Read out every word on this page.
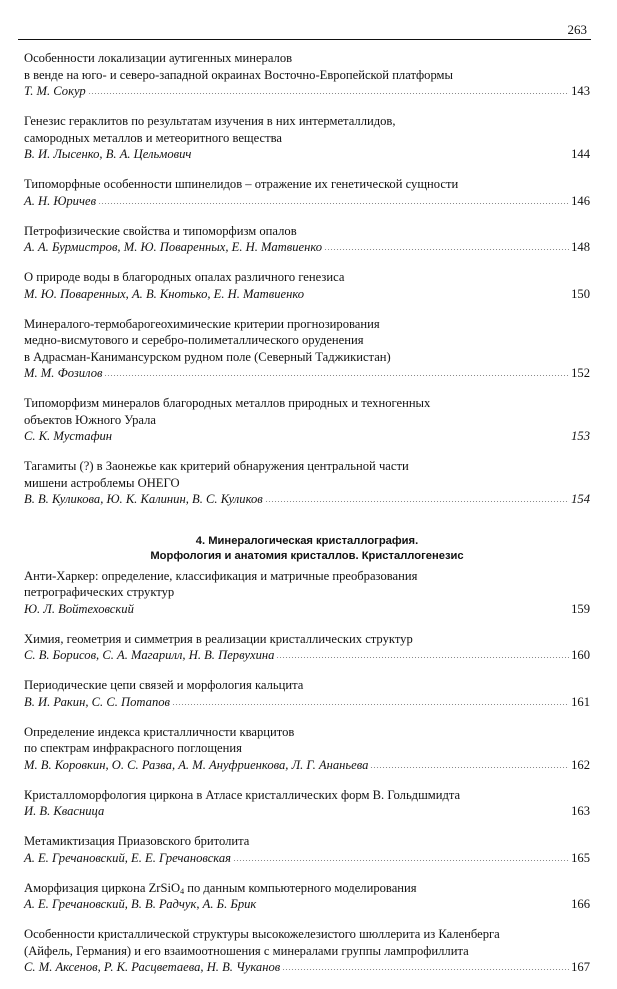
263
Особенности локализации аутигенных минералов
в венде на юго- и северо-западной окраинах Восточно-Европейской платформы
Т. М. Сокур	143
Генезис гераклитов по результатам изучения в них интерметаллидов,
самородных металлов и метеоритного вещества
В. И. Лысенко, В. А. Цельмович	144
Типоморфные особенности шпинелидов – отражение их генетической сущности
А. Н. Юричев	146
Петрофизические свойства и типоморфизм опалов
А. А. Бурмистров, М. Ю. Поваренных, Е. Н. Матвиенко	148
О природе воды в благородных опалах различного генезиса
М. Ю. Поваренных, А. В. Кнотько, Е. Н. Матвиенко	150
Минералого-термобарогеохимические критерии прогнозирования
медно-висмутового и серебро-полиметаллического оруденения
в Адрасман-Канимансурском рудном поле (Северный Таджикистан)
М. М. Фозилов	152
Типоморфизм минералов благородных металлов природных и техногенных
объектов Южного Урала
С. К. Мустафин	153
Тагамиты (?) в Заонежье как критерий обнаружения центральной части
мишени астроблемы ОНЕГО
В. В. Куликова, Ю. К. Калинин, В. С. Куликов	154
4. Минералогическая кристаллография.
Морфология и анатомия кристаллов. Кристаллогенезис
Анти-Харкер: определение, классификация и матричные преобразования
петрографических структур
Ю. Л. Войтеховский	159
Химия, геометрия и симметрия в реализации кристаллических структур
С. В. Борисов, С. А. Магарилл, Н. В. Первухина	160
Периодические цепи связей и морфология кальцита
В. И. Ракин, С. С. Потапов	161
Определение индекса кристалличности кварцитов
по спектрам инфракрасного поглощения
М. В. Коровкин, О. С. Разва, А. М. Ануфриенкова, Л. Г. Ананьева	162
Кристалломорфология циркона в Атласе кристаллических форм В. Гольдшмидта
И. В. Квасница	163
Метамиктизация Приазовского бритолита
А. Е. Гречановский, Е. Е. Гречановская	165
Аморфизация циркона ZrSiO$_4$ по данным компьютерного моделирования
А. Е. Гречановский, В. В. Радчук, А. Б. Брик	166
Особенности кристаллической структуры высокожелезистого шюллерита из Каленберга
(Айфель, Германия) и его взаимоотношения с минералами группы лампрофиллита
С. М. Аксенов, Р. К. Расцветаева, Н. В. Чуканов	167
